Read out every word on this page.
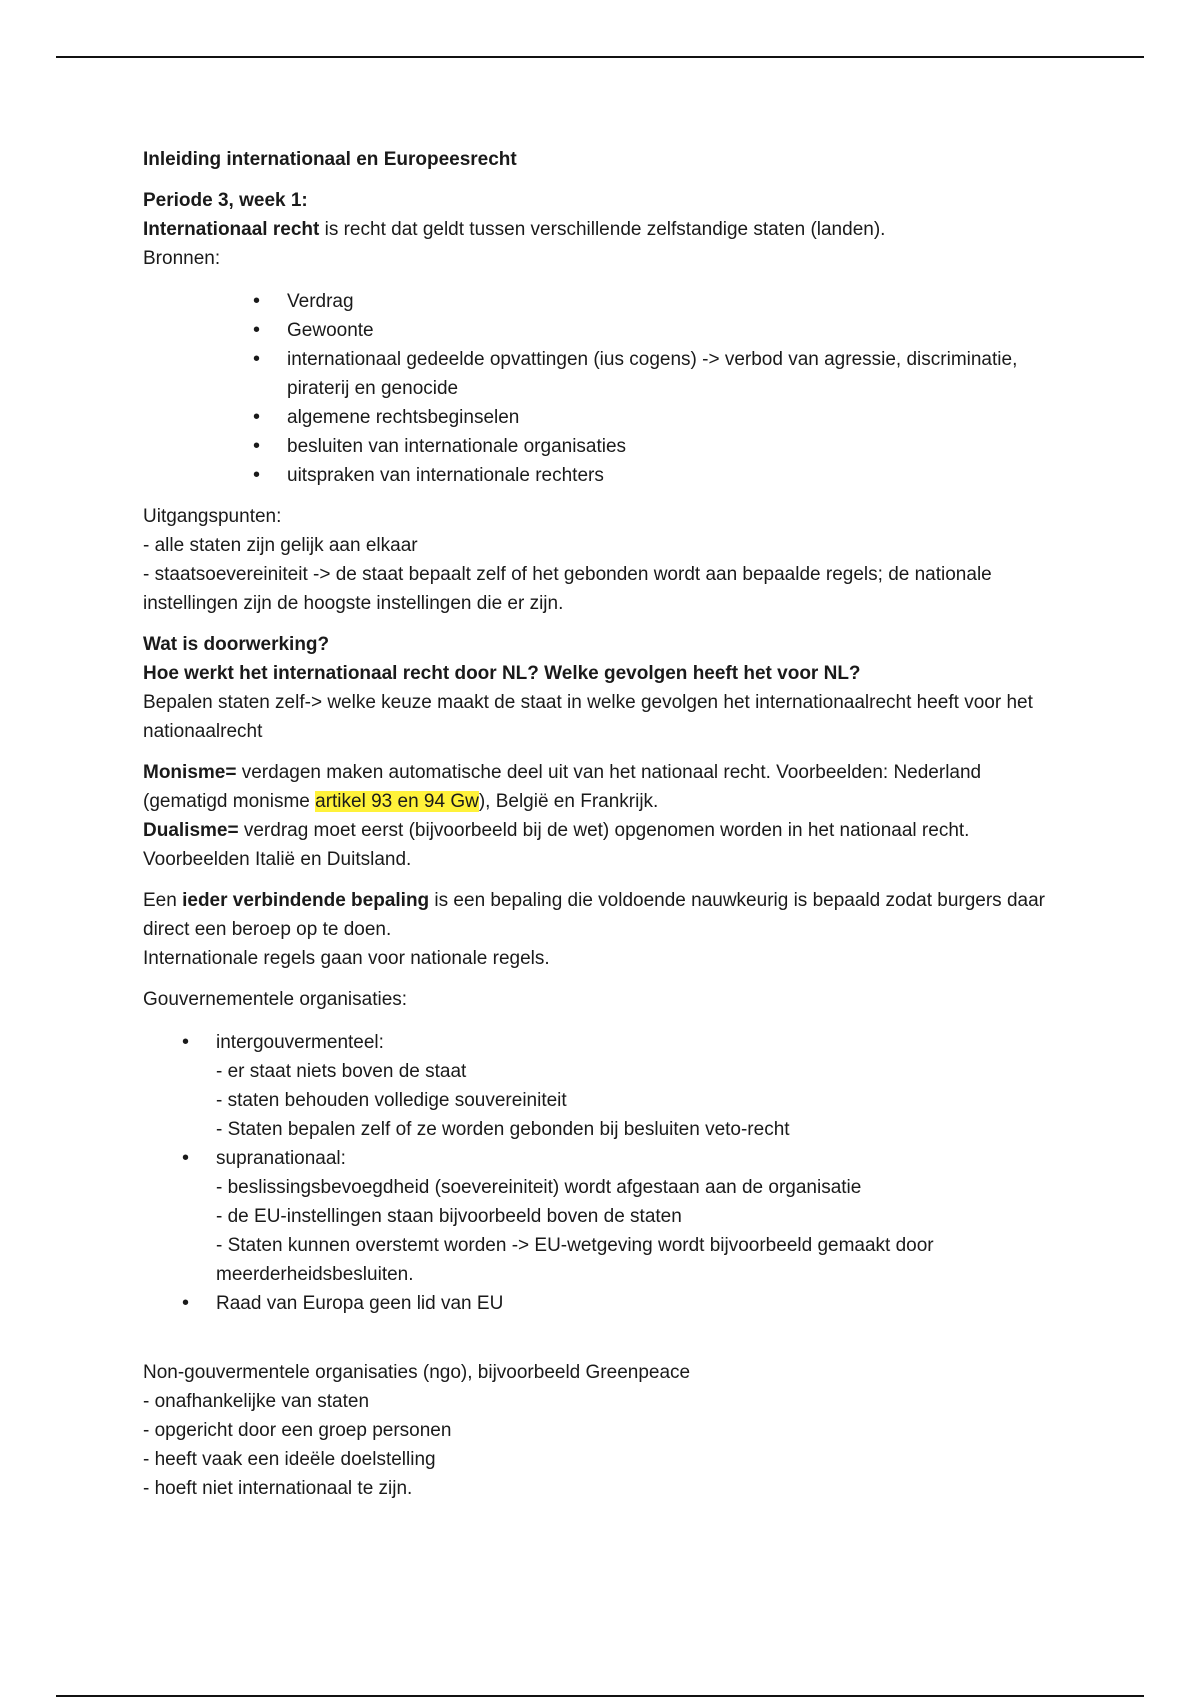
Inleiding internationaal en Europeesrecht

Periode 3, week 1:

Internationaal recht is recht dat geldt tussen verschillende zelfstandige staten (landen).

Bronnen:

• Verdrag
• Gewoonte
• internationaal gedeelde opvattingen (ius cogens) -> verbod van agressie, discriminatie, piraterij en genocide
• algemene rechtsbeginselen
• besluiten van internationale organisaties
• uitspraken van internationale rechters

Uitgangspunten:

- alle staten zijn gelijk aan elkaar

- staatsoevereiniteit -> de staat bepaalt zelf of het gebonden wordt aan bepaalde regels; de nationale instellingen zijn de hoogste instellingen die er zijn.

Wat is doorwerking?

Hoe werkt het internationaal recht door NL? Welke gevolgen heeft het voor NL?

Bepalen staten zelf-> welke keuze maakt de staat in welke gevolgen het internationaalrecht heeft voor het nationaalrecht

Monisme= verdagen maken automatische deel uit van het nationaal recht. Voorbeelden: Nederland (gematigd monisme artikel 93 en 94 Gw), België en Frankrijk.

Dualisme= verdrag moet eerst (bijvoorbeeld bij de wet) opgenomen worden in het nationaal recht. Voorbeelden Italië en Duitsland.

Een ieder verbindende bepaling is een bepaling die voldoende nauwkeurig is bepaald zodat burgers daar direct een beroep op te doen.

Internationale regels gaan voor nationale regels.

Gouvernementele organisaties:

• intergouvermenteel:
- er staat niets boven de staat
- staten behouden volledige souvereiniteit
- Staten bepalen zelf of ze worden gebonden bij besluiten veto-recht
• supranationaal:
- beslissingsbevoegdheid (soevereiniteit) wordt afgestaan aan de organisatie
- de EU-instellingen staan bijvoorbeeld boven de staten
- Staten kunnen overstemt worden -> EU-wetgeving wordt bijvoorbeeld gemaakt door meerderheidsbesluiten.
• Raad van Europa geen lid van EU

Non-gouvermentele organisaties (ngo), bijvoorbeeld Greenpeace

- onafhankelijke van staten

- opgericht door een groep personen

- heeft vaak een ideële doelstelling

- hoeft niet internationaal te zijn.
